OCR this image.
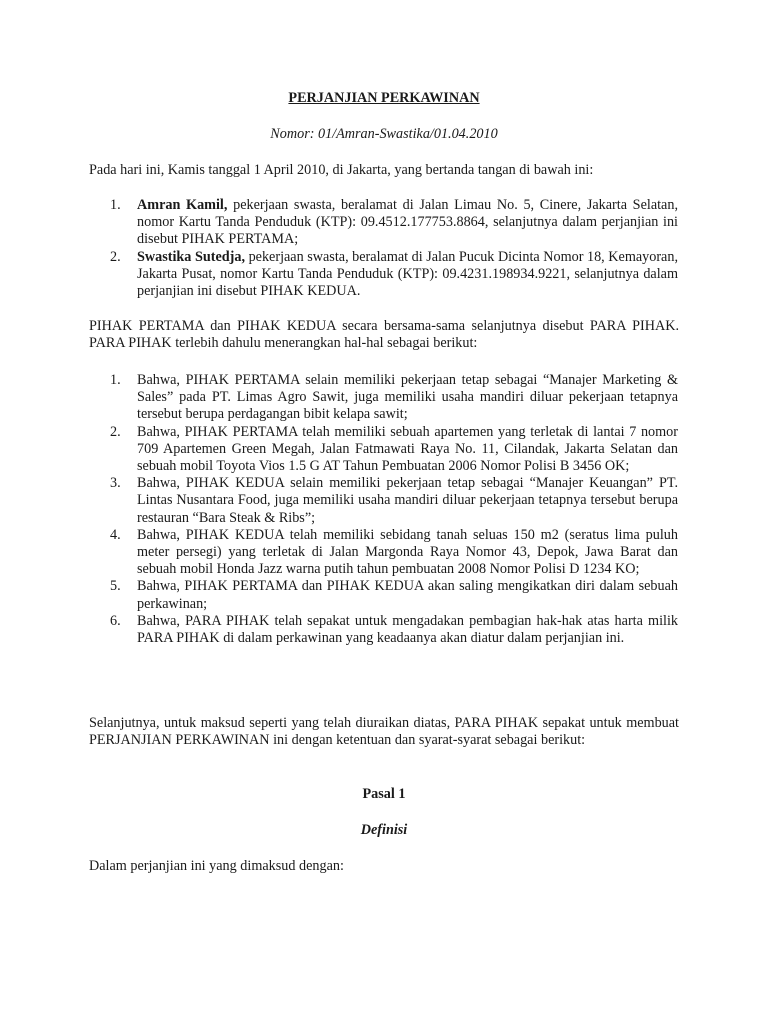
PERJANJIAN PERKAWINAN
Nomor: 01/Amran-Swastika/01.04.2010
Pada hari ini, Kamis tanggal 1 April 2010, di Jakarta, yang bertanda tangan di bawah ini:
1. Amran Kamil, pekerjaan swasta, beralamat di Jalan Limau No. 5, Cinere, Jakarta Selatan, nomor Kartu Tanda Penduduk (KTP): 09.4512.177753.8864, selanjutnya dalam perjanjian ini disebut PIHAK PERTAMA;
2. Swastika Sutedja, pekerjaan swasta, beralamat di Jalan Pucuk Dicinta Nomor 18, Kemayoran, Jakarta Pusat, nomor Kartu Tanda Penduduk (KTP): 09.4231.198934.9221, selanjutnya dalam perjanjian ini disebut PIHAK KEDUA.
PIHAK PERTAMA dan PIHAK KEDUA secara bersama-sama selanjutnya disebut PARA PIHAK. PARA PIHAK terlebih dahulu menerangkan hal-hal sebagai berikut:
1. Bahwa, PIHAK PERTAMA selain memiliki pekerjaan tetap sebagai “Manajer Marketing & Sales” pada PT. Limas Agro Sawit, juga memiliki usaha mandiri diluar pekerjaan tetapnya tersebut berupa perdagangan bibit kelapa sawit;
2. Bahwa, PIHAK PERTAMA telah memiliki sebuah apartemen yang terletak di lantai 7 nomor 709 Apartemen Green Megah, Jalan Fatmawati Raya No. 11, Cilandak, Jakarta Selatan dan sebuah mobil Toyota Vios 1.5 G AT Tahun Pembuatan 2006 Nomor Polisi B 3456 OK;
3. Bahwa, PIHAK KEDUA selain memiliki pekerjaan tetap sebagai “Manajer Keuangan” PT. Lintas Nusantara Food, juga memiliki usaha mandiri diluar pekerjaan tetapnya tersebut berupa restauran “Bara Steak & Ribs”;
4. Bahwa, PIHAK KEDUA telah memiliki sebidang tanah seluas 150 m2 (seratus lima puluh meter persegi) yang terletak di Jalan Margonda Raya Nomor 43, Depok, Jawa Barat dan sebuah mobil Honda Jazz warna putih tahun pembuatan 2008 Nomor Polisi D 1234 KO;
5. Bahwa, PIHAK PERTAMA dan PIHAK KEDUA akan saling mengikatkan diri dalam sebuah perkawinan;
6. Bahwa, PARA PIHAK telah sepakat untuk mengadakan pembagian hak-hak atas harta milik PARA PIHAK di dalam perkawinan yang keadaanya akan diatur dalam perjanjian ini.
Selanjutnya, untuk maksud seperti yang telah diuraikan diatas, PARA PIHAK sepakat untuk membuat PERJANJIAN PERKAWINAN ini dengan ketentuan dan syarat-syarat sebagai berikut:
Pasal 1
Definisi
Dalam perjanjian ini yang dimaksud dengan:
